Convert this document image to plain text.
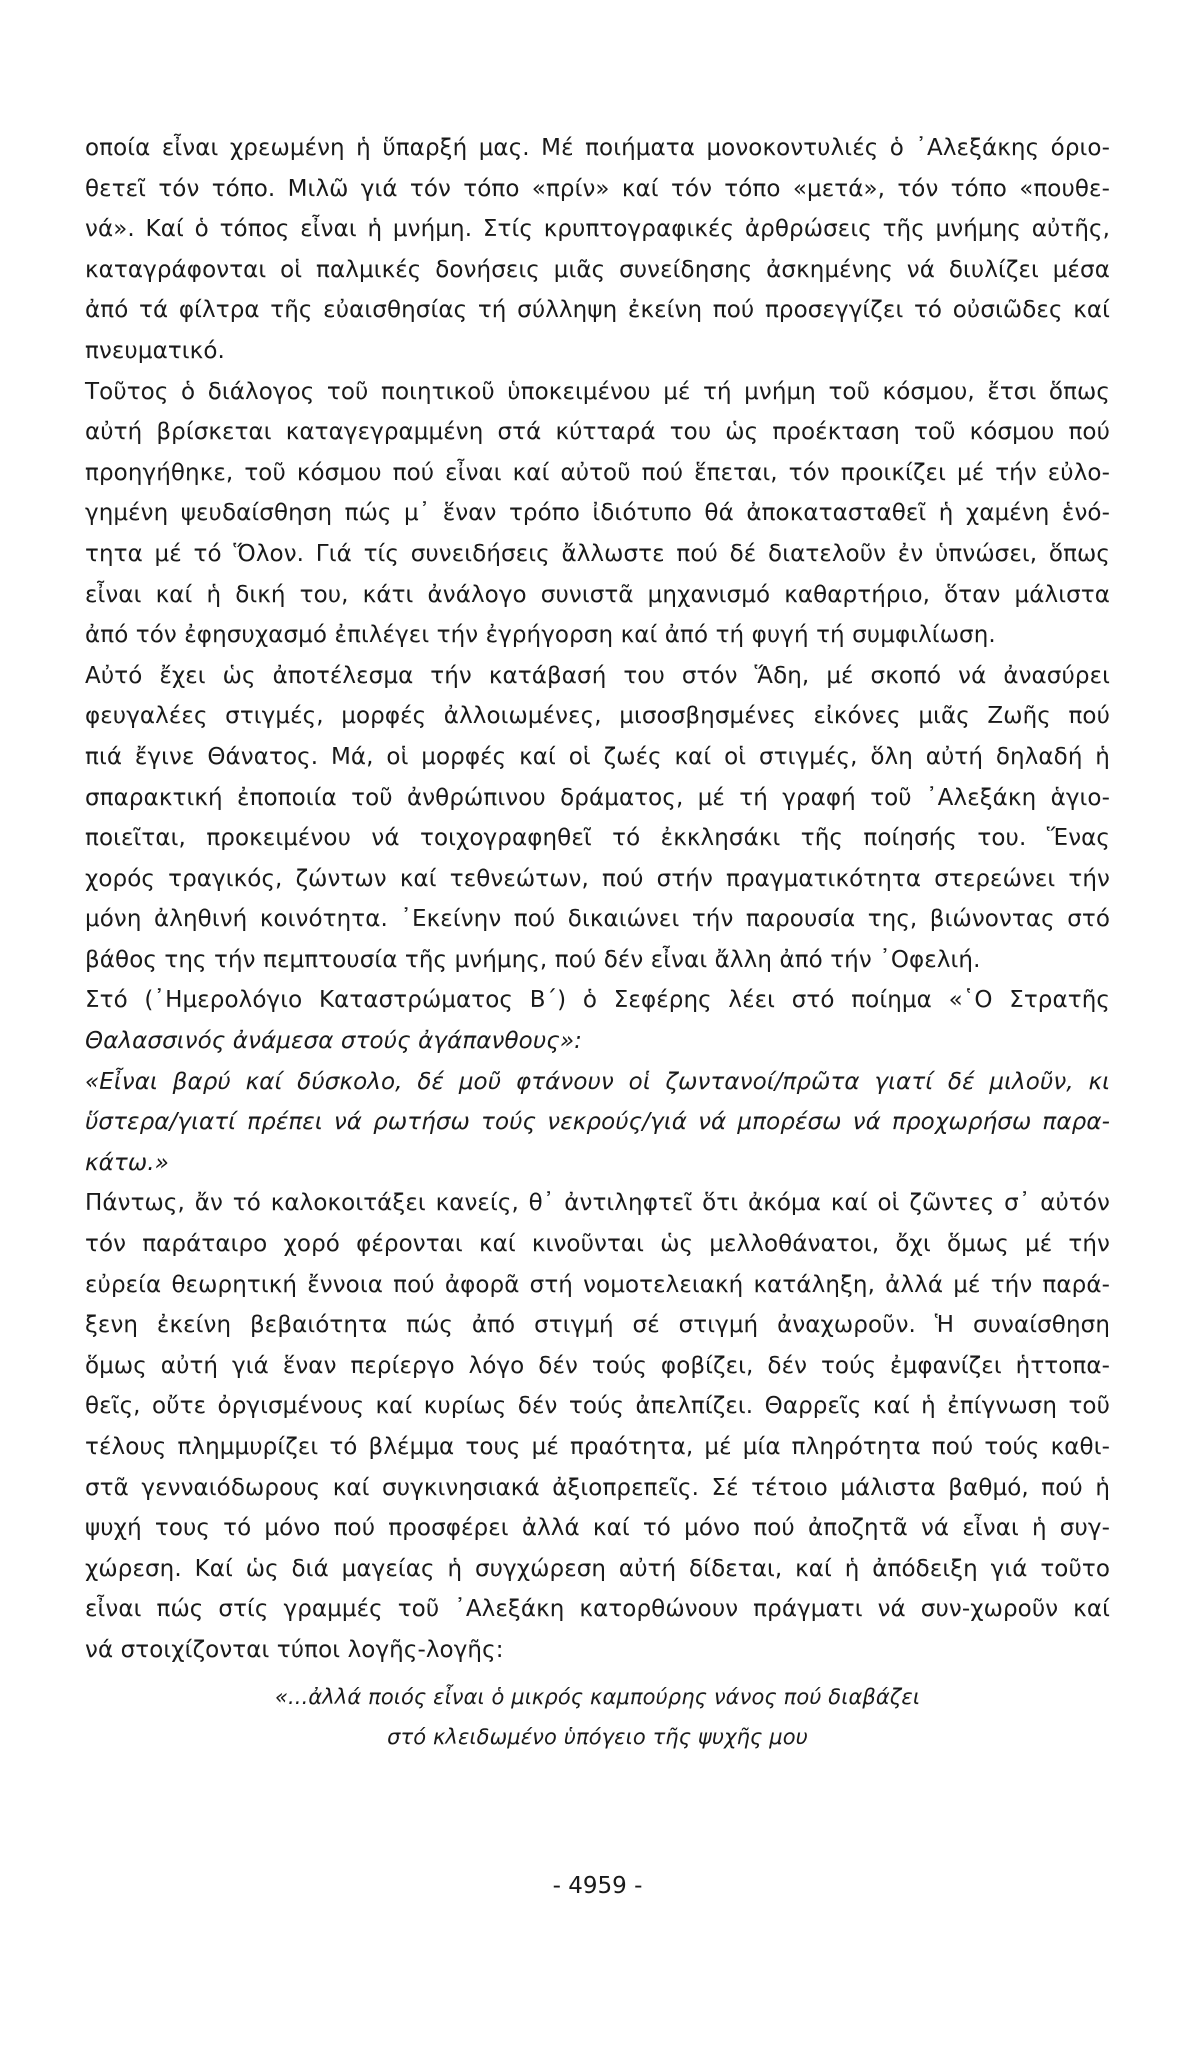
οποία εἶναι χρεωμένη ἡ ὕπαρξή μας. Μέ ποιήματα μονοκοντυλιές ὁ ᾿Αλεξάκης όριο-
θετεῖ τόν τόπο. Μιλῶ γιά τόν τόπο «πρίν» καί τόν τόπο «μετά», τόν τόπο «πουθε-
νά». Καί ὁ τόπος εἶναι ἡ μνήμη. Στίς κρυπτογραφικές ἀρθρώσεις τῆς μνήμης αὐτῆς,
καταγράφονται οἱ παλμικές δονήσεις μιᾶς συνείδησης ἀσκημένης νά διυλίζει μέσα
ἀπό τά φίλτρα τῆς εὐαισθησίας τή σύλληψη ἐκείνη πού προσεγγίζει τό οὐσιῶδες καί
πνευματικό.
Τοῦτος ὁ διάλογος τοῦ ποιητικοῦ ὑποκειμένου μέ τή μνήμη τοῦ κόσμου, ἔτσι ὅπως
αὐτή βρίσκεται καταγεγραμμένη στά κύτταρά του ὡς προέκταση τοῦ κόσμου πού
προηγήθηκε, τοῦ κόσμου πού εἶναι καί αὐτοῦ πού ἕπεται, τόν προικίζει μέ τήν εὐλο-
γημένη ψευδαίσθηση πώς μ᾿ ἕναν τρόπο ἰδιότυπο θά ἀποκατασταθεῖ ἡ χαμένη ἑνό-
τητα μέ τό Ὅλον. Γιά τίς συνειδήσεις ἄλλωστε πού δέ διατελοῦν ἐν ὑπνώσει, ὅπως
εἶναι καί ἡ δική του, κάτι ἀνάλογο συνιστᾶ μηχανισμό καθαρτήριο, ὅταν μάλιστα
ἀπό τόν ἐφησυχασμό ἐπιλέγει τήν ἐγρήγορση καί ἀπό τή φυγή τή συμφιλίωση.
Αὐτό ἔχει ὡς ἀποτέλεσμα τήν κατάβασή του στόν Ἅδη, μέ σκοπό νά ἀνασύρει
φευγαλέες στιγμές, μορφές ἀλλοιωμένες, μισοσβησμένες εἰκόνες μιᾶς Ζωῆς πού
πιά ἔγινε Θάνατος. Μά, οἱ μορφές καί οἱ ζωές καί οἱ στιγμές, ὅλη αὐτή δηλαδή ἡ
σπαρακτική ἐποποιία τοῦ ἀνθρώπινου δράματος, μέ τή γραφή τοῦ ᾿Αλεξάκη ἁγιο-
ποιεῖται, προκειμένου νά τοιχογραφηθεῖ τό ἐκκλησάκι τῆς ποίησής του. Ἕνας
χορός τραγικός, ζώντων καί τεθνεώτων, πού στήν πραγματικότητα στερεώνει τήν
μόνη ἀληθινή κοινότητα. ᾿Εκείνην πού δικαιώνει τήν παρουσία της, βιώνοντας στό
βάθος της τήν πεμπτουσία τῆς μνήμης, πού δέν εἶναι ἄλλη ἀπό τήν ᾿Οφελιή.
Στό (᾿Ημερολόγιο Καταστρώματος Β΄) ὁ Σεφέρης λέει στό ποίημα «῾Ο Στρατῆς
Θαλασσινός ἀνάμεσα στούς ἀγάπανθους»:
«Εἶναι βαρύ καί δύσκολο, δέ μοῦ φτάνουν οἱ ζωντανοί/πρῶτα γιατί δέ μιλοῦν, κι
ὕστερα/γιατί πρέπει νά ρωτήσω τούς νεκρούς/γιά νά μπορέσω νά προχωρήσω παρα-
κάτω.»
Πάντως, ἄν τό καλοκοιτάξει κανείς, θ᾿ ἀντιληφτεῖ ὅτι ἀκόμα καί οἱ ζῶντες σ᾿ αὐτόν
τόν παράταιρο χορό φέρονται καί κινοῦνται ὡς μελλοθάνατοι, ὄχι ὅμως μέ τήν
εὐρεία θεωρητική ἔννοια πού ἀφορᾶ στή νομοτελειακή κατάληξη, ἀλλά μέ τήν παρά-
ξενη ἐκείνη βεβαιότητα πώς ἀπό στιγμή σέ στιγμή ἀναχωροῦν. Ἡ συναίσθηση
ὅμως αὐτή γιά ἕναν περίεργο λόγο δέν τούς φοβίζει, δέν τούς ἐμφανίζει ἡττοπα-
θεῖς, οὔτε ὀργισμένους καί κυρίως δέν τούς ἀπελπίζει. Θαρρεῖς καί ἡ ἐπίγνωση τοῦ
τέλους πλημμυρίζει τό βλέμμα τους μέ πραότητα, μέ μία πληρότητα πού τούς καθι-
στᾶ γενναιόδωρους καί συγκινησιακά ἀξιοπρεπεῖς. Σέ τέτοιο μάλιστα βαθμό, πού ἡ
ψυχή τους τό μόνο πού προσφέρει ἀλλά καί τό μόνο πού ἀποζητᾶ νά εἶναι ἡ συγ-
χώρεση. Καί ὡς διά μαγείας ἡ συγχώρεση αὐτή δίδεται, καί ἡ ἀπόδειξη γιά τοῦτο
εἶναι πώς στίς γραμμές τοῦ ᾿Αλεξάκη κατορθώνουν πράγματι νά συν-χωροῦν καί
νά στοιχίζονται τύποι λογῆς-λογῆς:
«...ἀλλά ποιός εἶναι ὁ μικρός καμπούρης νάνος πού διαβάζει
στό κλειδωμένο ὑπόγειο τῆς ψυχῆς μου
- 4959 -
